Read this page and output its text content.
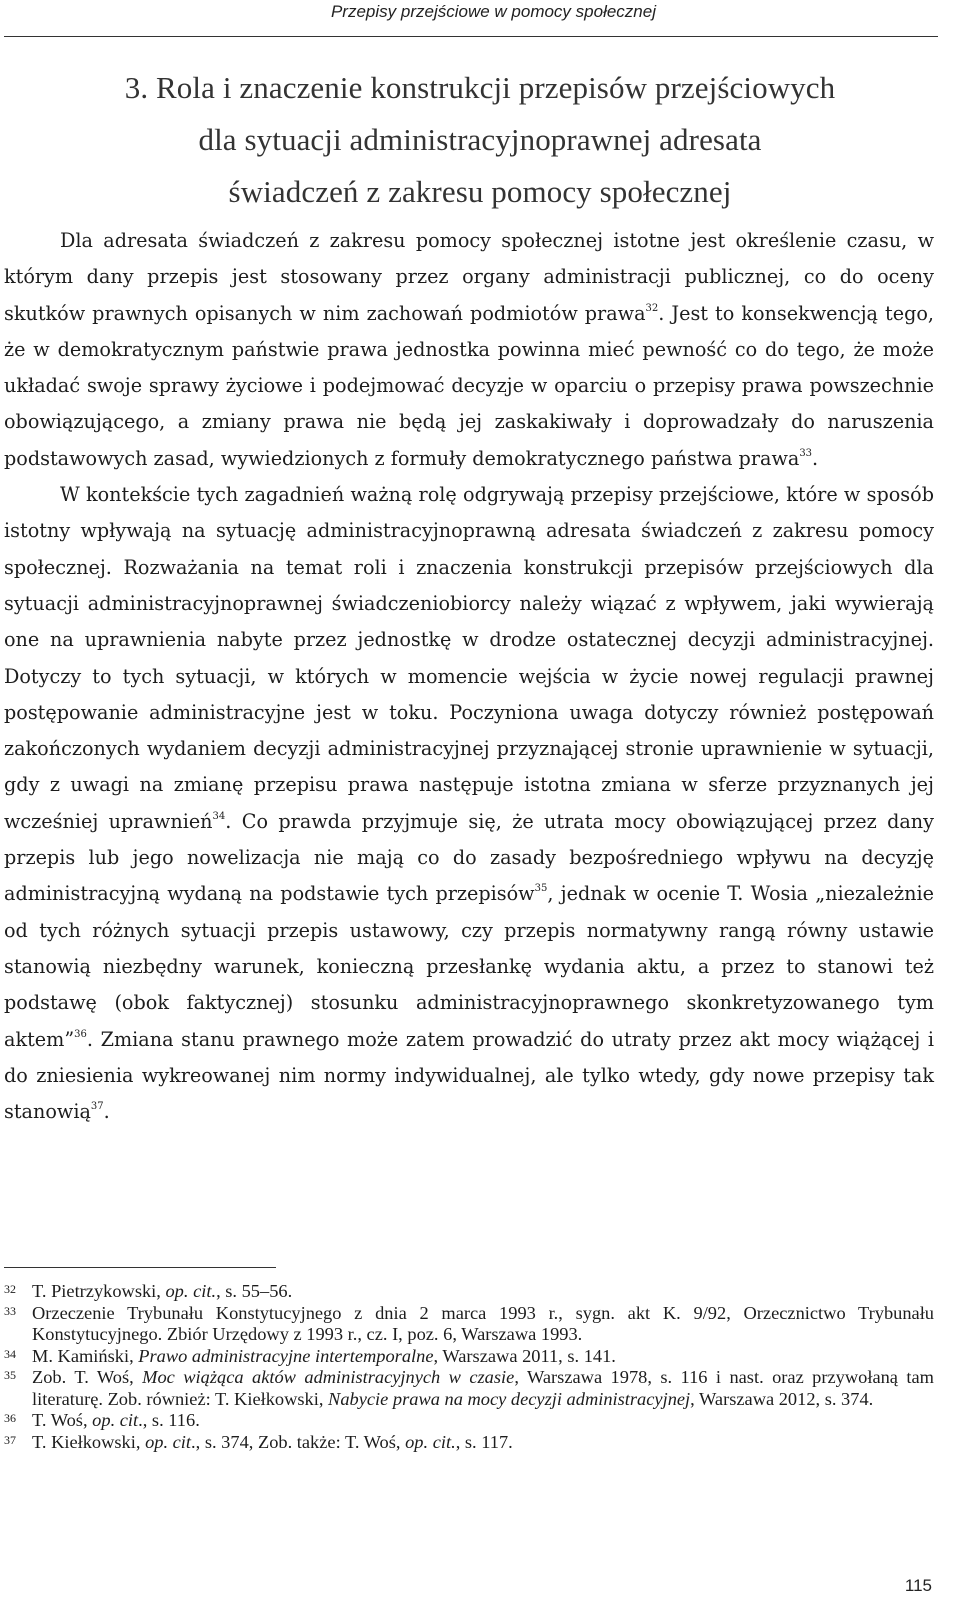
Przepisy przejściowe w pomocy społecznej
3. Rola i znaczenie konstrukcji przepisów przejściowych
dla sytuacji administracyjnoprawnej adresata
świadczeń z zakresu pomocy społecznej

Dla adresata świadczeń z zakresu pomocy społecznej istotne jest określenie czasu, w którym dany przepis jest stosowany przez organy administracji publicznej, co do oceny skutków prawnych opisanych w nim zachowań podmiotów prawa$^{32}$. Jest to konsekwencją tego, że w demokratycznym państwie prawa jednostka powinna mieć pewność co do tego, że może układać swoje sprawy życiowe i podejmować decyzje w oparciu o przepisy prawa powszechnie obowiązującego, a zmiany prawa nie będą jej zaskakiwały i doprowadzały do naruszenia podstawowych zasad, wywiedzionych z formuły demokratycznego państwa prawa$^{33}$.

W kontekście tych zagadnień ważną rolę odgrywają przepisy przejściowe, które w sposób istotny wpływają na sytuację administracyjnoprawną adresata świadczeń z zakresu pomocy społecznej. Rozważania na temat roli i znaczenia konstrukcji przepisów przejściowych dla sytuacji administracyjnoprawnej świadczeniobiorcy należy wiązać z wpływem, jaki wywierają one na uprawnienia nabyte przez jednostkę w drodze ostatecznej decyzji administracyjnej. Dotyczy to tych sytuacji, w których w momencie wejścia w życie nowej regulacji prawnej postępowanie administracyjne jest w toku. Poczyniona uwaga dotyczy również postępowań zakończonych wydaniem decyzji administracyjnej przyznającej stronie uprawnienie w sytuacji, gdy z uwagi na zmianę przepisu prawa następuje istotna zmiana w sferze przyznanych jej wcześniej uprawnień$^{34}$. Co prawda przyjmuje się, że utrata mocy obowiązującej przez dany przepis lub jego nowelizacja nie mają co do zasady bezpośredniego wpływu na decyzję administracyjną wydaną na podstawie tych przepisów$^{35}$, jednak w ocenie T. Wosia „niezależnie od tych różnych sytuacji przepis ustawowy, czy przepis normatywny rangą równy ustawie stanowią niezbędny warunek, konieczną przesłankę wydania aktu, a przez to stanowi też podstawę (obok faktycznej) stosunku administracyjnoprawnego skonkretyzowanego tym aktem”$^{36}$. Zmiana stanu prawnego może zatem prowadzić do utraty przez akt mocy wiążącej i do zniesienia wykreowanej nim normy indywidualnej, ale tylko wtedy, gdy nowe przepisy tak stanowią$^{37}$.

32 T. Pietrzykowski, op. cit., s. 55–56.
33 Orzeczenie Trybunału Konstytucyjnego z dnia 2 marca 1993 r., sygn. akt K. 9/92, Orzecznictwo Trybunału Konstytucyjnego. Zbiór Urzędowy z 1993 r., cz. I, poz. 6, Warszawa 1993.
34 M. Kamiński, Prawo administracyjne intertemporalne, Warszawa 2011, s. 141.
35 Zob. T. Woś, Moc wiążąca aktów administracyjnych w czasie, Warszawa 1978, s. 116 i nast. oraz przywołaną tam literaturę. Zob. również: T. Kiełkowski, Nabycie prawa na mocy decyzji administracyjnej, Warszawa 2012, s. 374.
36 T. Woś, op. cit., s. 116.
37 T. Kiełkowski, op. cit., s. 374, Zob. także: T. Woś, op. cit., s. 117.
115
